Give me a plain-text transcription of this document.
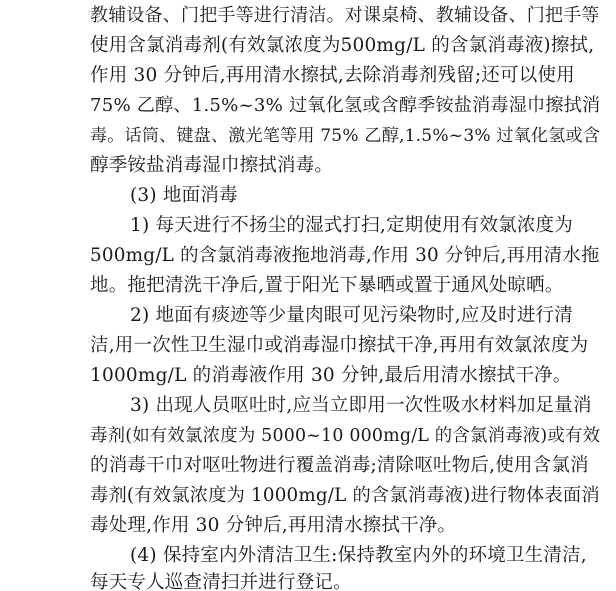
教辅设备、门把手等进行清洁。对课桌椅、教辅设备、门把手等
使用含氯消毒剂(有效氯浓度为500mg/L 的含氯消毒液)擦拭,
作用 30 分钟后,再用清水擦拭,去除消毒剂残留;还可以使用
75% 乙醇、1.5%~3% 过氧化氢或含醇季铵盐消毒湿巾擦拭消
毒。话筒、键盘、激光笔等用 75% 乙醇,1.5%~3% 过氧化氢或含
醇季铵盐消毒湿巾擦拭消毒。
(3) 地面消毒
1) 每天进行不扬尘的湿式打扫,定期使用有效氯浓度为
500mg/L 的含氯消毒液拖地消毒,作用 30 分钟后,再用清水拖
地。拖把清洗干净后,置于阳光下暴晒或置于通风处晾晒。
2) 地面有痰迹等少量肉眼可见污染物时,应及时进行清
洁,用一次性卫生湿巾或消毒湿巾擦拭干净,再用有效氯浓度为
1000mg/L 的消毒液作用 30 分钟,最后用清水擦拭干净。
3) 出现人员呕吐时,应当立即用一次性吸水材料加足量消
毒剂(如有效氯浓度为 5000~10 000mg/L 的含氯消毒液)或有效
的消毒干巾对呕吐物进行覆盖消毒;清除呕吐物后,使用含氯消
毒剂(有效氯浓度为 1000mg/L 的含氯消毒液)进行物体表面消
毒处理,作用 30 分钟后,再用清水擦拭干净。
(4) 保持室内外清洁卫生:保持教室内外的环境卫生清洁,
每天专人巡查清扫并进行登记。
